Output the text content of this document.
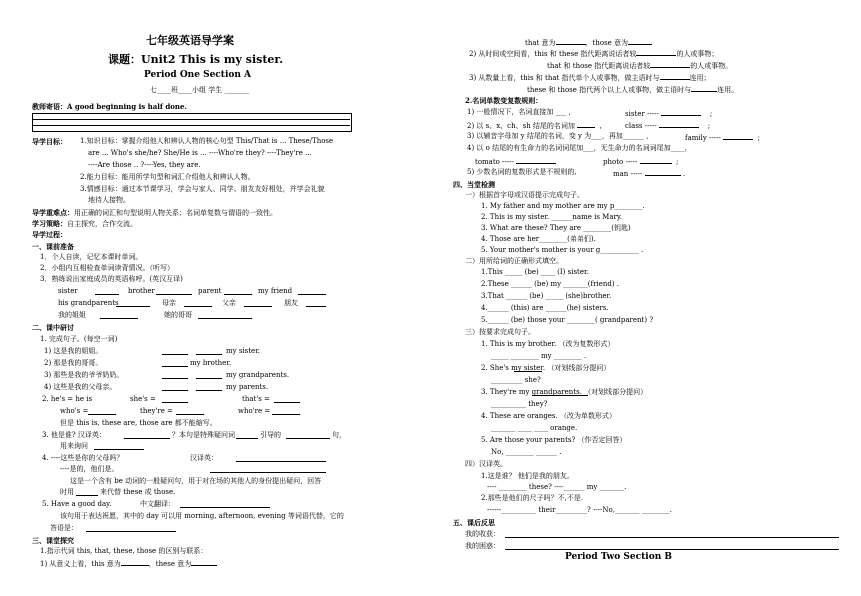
七年级英语导学案
课题：Unit2 This is my sister.
Period One Section A
七____班____小组 学生 _______
教师寄语：A good beginning is half done.
导学目标： 1.知识目标：掌握介绍他人和辨认人物的核心句型 This/That is ... These/Those
are ... Who's she/he? She/He is ... ----Who're they? ----They're ...
----Are those .. ?----Yes, they are.
2.能力目标：能用所学句型和词汇介绍他人和辨认人物。
3.情感目标：通过本节课学习，学会与家人、同学、朋友友好相处，并学会礼貌
地待人接物。
导学重难点：用正确的词汇和句型说明人物关系；名词单复数与谓语的一致性。
学习策略：自主探究，合作交流。
导学过程：
一、课前准备
1．个人自读，记忆本课时单词。
2．小组内互相检查单词读背情况。（听写）
3．熟练说出家庭成员的英语称呼。(英汉互译)
sister	brother	parent	my friend
his grandparents	母亲	父亲	朋友
我的姐姐	她的哥哥
二、课中研讨
1. 完成句子。(每空一词)
1) 这是我的姐姐。	my sister.
2) 那是我的哥哥。	my brother.
3) 那些是我的爷爷奶奶。	my grandparents.
4) 这些是我的父母亲。	my parents.
2. he's = he is	she's =	that's =
who's =	they're =	who're =
但是 this is, these are, those are 都不能缩写。
3. 他是谁? 汉译英：	？本句是特殊疑问词	引导的	句，
用来询问
4. ----这些是你的父母吗？	汉译英：
----是的，他们是。
这是一个含有 be 动词的一般疑问句，用于对在场的其他人的身份提出疑问，回答
时用	来代替 these 或 those.
5. Have a good day.	中文翻译：
该句用于表达祝愿，其中的 day 可以用 morning, afternoon, evening 等词语代替，它的
答语是：
三、课堂探究
1.指示代词 this, that, these, those 的区别与联系：
1) 从意义上看，this 意为	，these 意为
that 意为	，those 意为
2) 从时间或空间看，this 和 these 指代距离说话者较	的人或事物；
that 和 those 指代距离说话者较	的人或事物。
3) 从数量上看，this 和 that 指代单个人或事物，做主语时与	连用；
these 和 those 指代两个以上人或事物，做主语时与	连用。
2.名词单数变复数规则：
1) 一般情况下，名词直接加 ___ ，	sister -----	;
2) 以 s、x、ch、sh 结尾的名词加	,	class -----	;
3) 以辅音字母加 y 结尾的名词，变 y 为___，再加______ ，	family -----	;
4) 以 o 结尾的有生命力的名词词尾加___，无生命力的名词词尾加____，
tomato -----	photo -----	;
5) 少数名词的复数形式是不规则的,	man -----	.
四、当堂检测
一）根据首字母或汉语提示完成句子。
1. My father and my mother are my p________.
2. This is my sister. ______name is Mary.
3. What are these? They are ________(钥匙)
4. Those are her________(弟弟们).
5. Your mother's mother is your g___________ .
二）用所给词的正确形式填空。
1.This _____ (be) ____ (I) sister.
2.These ______ (be) my _______(friend) .
3.That ______ (be) _____ (she)brother.
4.______ (this) are ______(he) sisters.
5.______ (be) those your ________( grandparent) ?
三）按要求完成句子。
1. This is my brother. （改为复数形式）
_____ ________ my ________ .
2. She's my sister. （对划线部分提问）
_________ she?
3. They're my grandparents. （对划线部分提问）
__________ they?
4. These are oranges. （改为单数形式）
_______ ____ ____ orange.
5. Are those your parents? （作否定回答）
No, ________ ______ .
四）汉译英。
1.这是谁？ 他们是我的朋友。
---- ________ these? ----______ my _______.
2.那些是他们的尺子吗？不,不是.
------__________ their_________? ----No,_______ ________.
五、课后反思
我的收获：
我的困惑：
Period Two Section B
